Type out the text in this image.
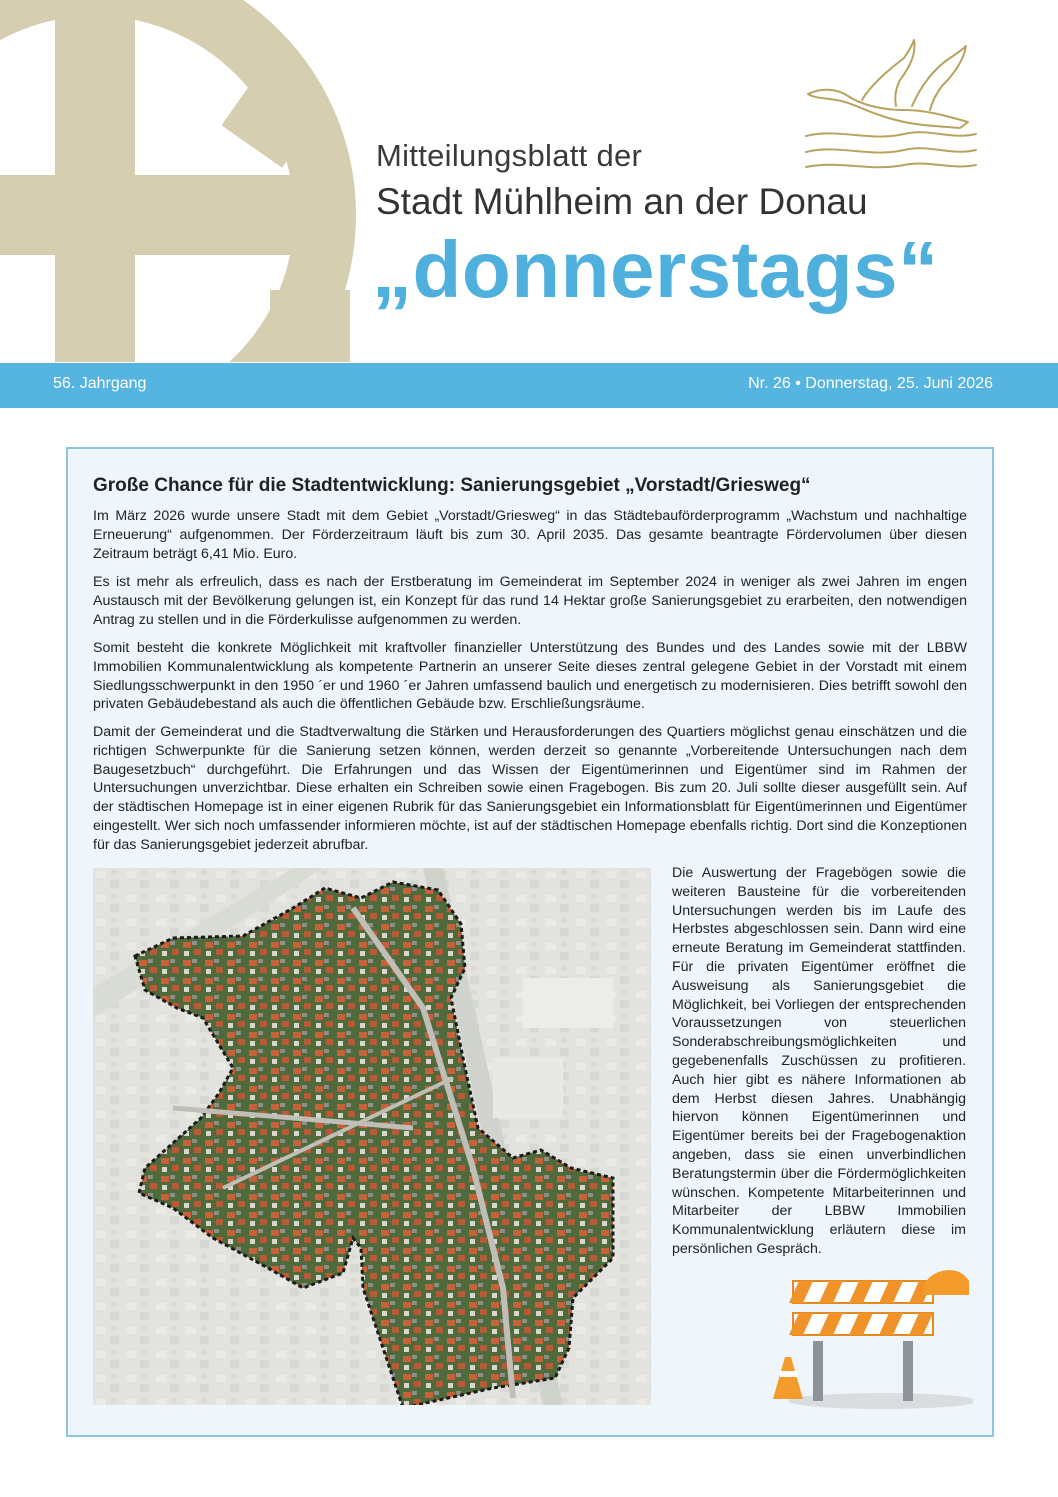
Mitteilungsblatt der
Stadt Mühlheim an der Donau
„donnerstags“
56. Jahrgang	Nr. 26 • Donnerstag, 25. Juni 2026
Große Chance für die Stadtentwicklung: Sanierungsgebiet „Vorstadt/Griesweg“

Im März 2026 wurde unsere Stadt mit dem Gebiet „Vorstadt/Griesweg“ in das Städtebauförderprogramm „Wachstum und nachhaltige Erneuerung“ aufgenommen. Der Förderzeitraum läuft bis zum 30. April 2035. Das gesamte beantragte Fördervolumen über diesen Zeitraum beträgt 6,41 Mio. Euro.

Es ist mehr als erfreulich, dass es nach der Erstberatung im Gemeinderat im September 2024 in weniger als zwei Jahren im engen Austausch mit der Bevölkerung gelungen ist, ein Konzept für das rund 14 Hektar große Sanierungsgebiet zu erarbeiten, den notwendigen Antrag zu stellen und in die Förderkulisse aufgenommen zu werden.

Somit besteht die konkrete Möglichkeit mit kraftvoller finanzieller Unterstützung des Bundes und des Landes sowie mit der LBBW Immobilien Kommunalentwicklung als kompetente Partnerin an unserer Seite dieses zentral gelegene Gebiet in der Vorstadt mit einem Siedlungsschwerpunkt in den 1950 ´er und 1960 ´er Jahren umfassend baulich und energetisch zu modernisieren. Dies betrifft sowohl den privaten Gebäudebestand als auch die öffentlichen Gebäude bzw. Erschließungsräume.

Damit der Gemeinderat und die Stadtverwaltung die Stärken und Herausforderungen des Quartiers möglichst genau einschätzen und die richtigen Schwerpunkte für die Sanierung setzen können, werden derzeit so genannte „Vorbereitende Untersuchungen nach dem Baugesetzbuch“ durchgeführt. Die Erfahrungen und das Wissen der Eigentümerinnen und Eigentümer sind im Rahmen der Untersuchungen unverzichtbar. Diese erhalten ein Schreiben sowie einen Fragebogen. Bis zum 20. Juli sollte dieser ausgefüllt sein. Auf der städtischen Homepage ist in einer eigenen Rubrik für das Sanierungsgebiet ein Informationsblatt für Eigentümerinnen und Eigentümer eingestellt. Wer sich noch umfassender informieren möchte, ist auf der städtischen Homepage ebenfalls richtig. Dort sind die Konzeptionen für das Sanierungsgebiet jederzeit abrufbar.

Die Auswertung der Fragebögen sowie die weiteren Bausteine für die vorbereitenden Untersuchungen werden bis im Laufe des Herbstes abgeschlossen sein. Dann wird eine erneute Beratung im Gemeinderat stattfinden. Für die privaten Eigentümer eröffnet die Ausweisung als Sanierungsgebiet die Möglichkeit, bei Vorliegen der entsprechenden Voraussetzungen von steuerlichen Sonderabschreibungsmöglichkeiten und gegebenenfalls Zuschüssen zu profitieren. Auch hier gibt es nähere Informationen ab dem Herbst diesen Jahres. Unabhängig hiervon können Eigentümerinnen und Eigentümer bereits bei der Fragebogenaktion angeben, dass sie einen unverbindlichen Beratungstermin über die Fördermöglichkeiten wünschen. Kompetente Mitarbeiterinnen und Mitarbeiter der LBBW Immobilien Kommunalentwicklung erläutern diese im persönlichen Gespräch.
